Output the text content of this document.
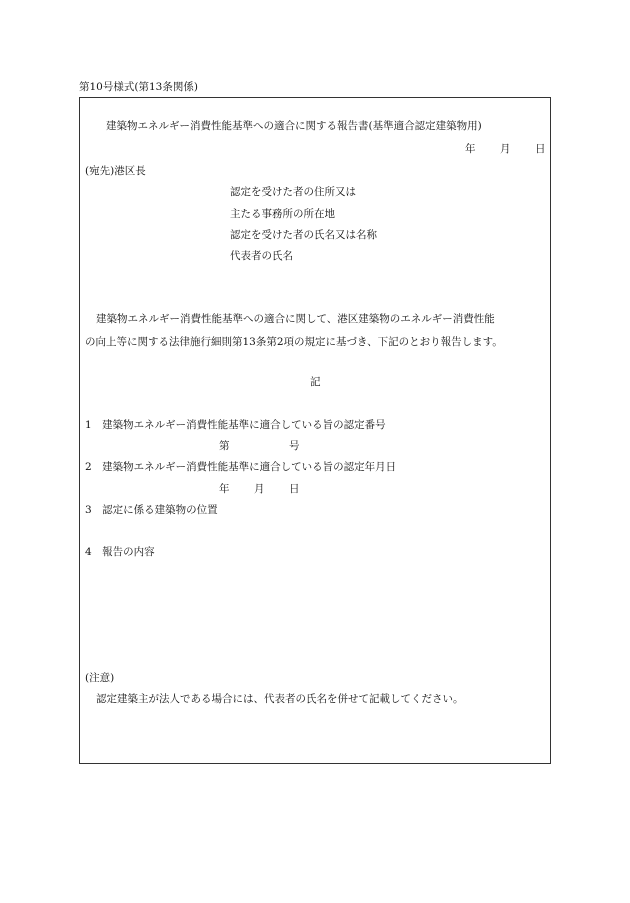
第10号様式(第13条関係)
建築物エネルギー消費性能基準への適合に関する報告書(基準適合認定建築物用)
年 月 日
(宛先)港区長
認定を受けた者の住所又は
主たる事務所の所在地
認定を受けた者の氏名又は名称
代表者の氏名
建築物エネルギー消費性能基準への適合に関して、港区建築物のエネルギー消費性能
の向上等に関する法律施行細則第13条第2項の規定に基づき、下記のとおり報告します。
記
1　建築物エネルギー消費性能基準に適合している旨の認定番号
第	号
2　建築物エネルギー消費性能基準に適合している旨の認定年月日
年 月 日
3　認定に係る建築物の位置
4　報告の内容
(注意)
認定建築主が法人である場合には、代表者の氏名を併せて記載してください。
